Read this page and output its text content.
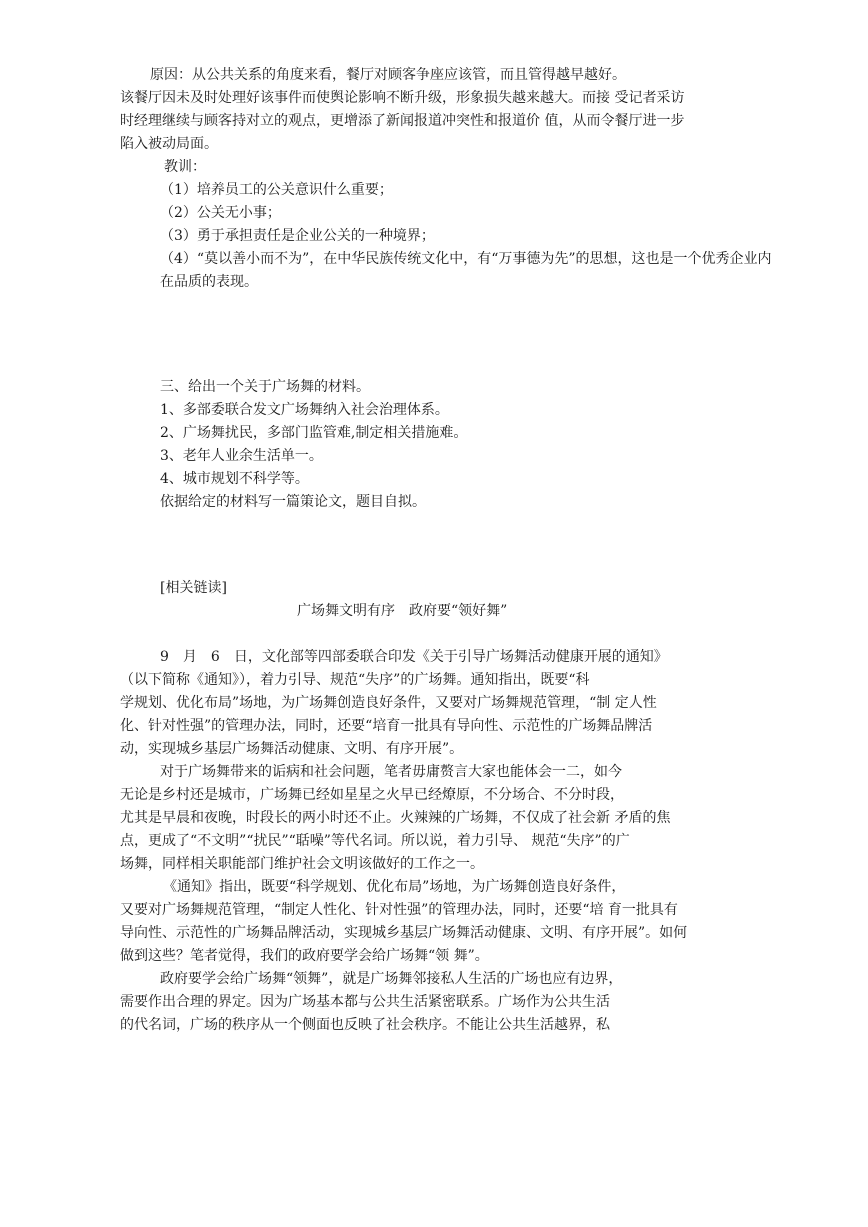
原因：从公共关系的角度来看，餐厅对顾客争座应该管，而且管得越早越好。

该餐厅因未及时处理好该事件而使舆论影响不断升级，形象损失越来越大。而接 受记者采访

时经理继续与顾客持对立的观点，更增添了新闻报道冲突性和报道价 值，从而令餐厅进一步

陷入被动局面。

教训：

（1）培养员工的公关意识什么重要；

（2）公关无小事；

（3）勇于承担责任是企业公关的一种境界；

（4）“莫以善小而不为”，在中华民族传统文化中，有“万事德为先”的思想，这也是一个优秀企业内

在品质的表现。

三、给出一个关于广场舞的材料。

1、多部委联合发文广场舞纳入社会治理体系。

2、广场舞扰民，多部门监管难,制定相关措施难。

3、老年人业余生活单一。

4、城市规划不科学等。

依据给定的材料写一篇策论文，题目自拟。

[相关链读]

广场舞文明有序　政府要“领好舞”

9　月　6　日，文化部等四部委联合印发《关于引导广场舞活动健康开展的通知》

（以下简称《通知》），着力引导、规范“失序”的广场舞。通知指出，既要“科

学规划、优化布局”场地，为广场舞创造良好条件，又要对广场舞规范管理，“制 定人性

化、针对性强”的管理办法，同时，还要“培育一批具有导向性、示范性的广场舞品牌活

动，实现城乡基层广场舞活动健康、文明、有序开展”。

对于广场舞带来的诟病和社会问题，笔者毋庸赘言大家也能体会一二，如今

无论是乡村还是城市，广场舞已经如星星之火早已经燎原，不分场合、不分时段，

尤其是早晨和夜晚，时段长的两小时还不止。火辣辣的广场舞，不仅成了社会新 矛盾的焦

点，更成了“不文明”“扰民”“聒噪”等代名词。所以说，着力引导、 规范“失序”的广

场舞，同样相关职能部门维护社会文明该做好的工作之一。

《通知》指出，既要“科学规划、优化布局”场地，为广场舞创造良好条件，

又要对广场舞规范管理，“制定人性化、针对性强”的管理办法，同时，还要“培 育一批具有

导向性、示范性的广场舞品牌活动，实现城乡基层广场舞活动健康、文明、有序开展”。如何

做到这些？笔者觉得，我们的政府要学会给广场舞“领 舞”。

政府要学会给广场舞“领舞”，就是广场舞邻接私人生活的广场也应有边界，

需要作出合理的界定。因为广场基本都与公共生活紧密联系。广场作为公共生活

的代名词，广场的秩序从一个侧面也反映了社会秩序。不能让公共生活越界，私
